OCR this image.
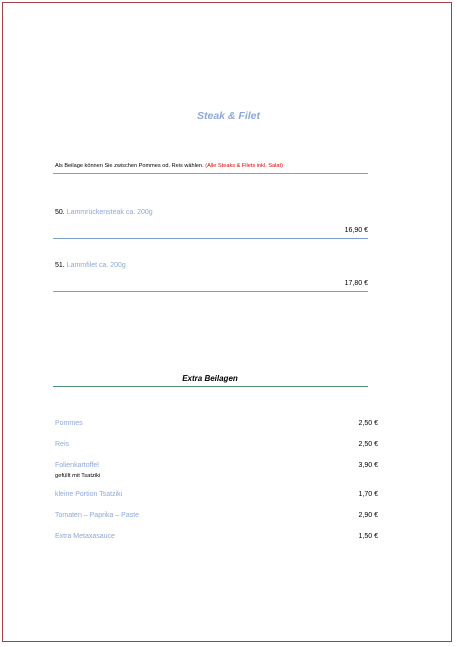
Steak & Filet
Als Beilage können Sie zwischen Pommes od. Reis wählen. (Alle Steaks & Filets inkl. Salat)
50. Lammrückensteak ca. 200g
16,90 €
51. Lammfilet ca. 200g
17,80 €
Extra Beilagen
Pommes	2,50 €
Reis	2,50 €
Folienkartoffel
gefüllt mit Tsatziki
3,90 €
kleine Portion Tsatziki	1,70 €
Tomaten – Paprika – Paste	2,90 €
Extra Metaxasauce	1,50 €
